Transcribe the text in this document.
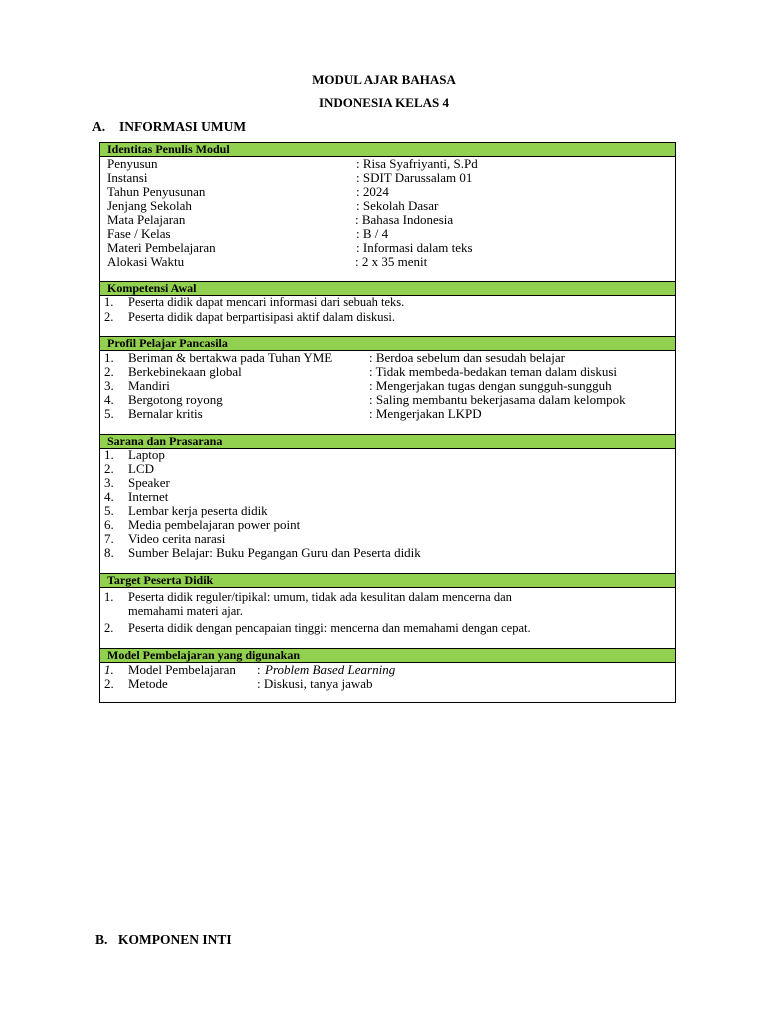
MODUL AJAR BAHASA
INDONESIA KELAS 4
A. INFORMASI UMUM
Identitas Penulis Modul
Penyusun	: Risa Syafriyanti, S.Pd
Instansi	: SDIT Darussalam 01
Tahun Penyusunan	: 2024
Jenjang Sekolah	: Sekolah Dasar
Mata Pelajaran	: Bahasa Indonesia
Fase / Kelas	: B / 4
Materi Pembelajaran	: Informasi dalam teks
Alokasi Waktu	: 2 x 35 menit
Kompetensi Awal
1. Peserta didik dapat mencari informasi dari sebuah teks.
2. Peserta didik dapat berpartisipasi aktif dalam diskusi.
Profil Pelajar Pancasila
1. Beriman & bertakwa pada Tuhan YME	: Berdoa sebelum dan sesudah belajar
2. Berkebinekaan global	: Tidak membeda-bedakan teman dalam diskusi
3. Mandiri	: Mengerjakan tugas dengan sungguh-sungguh
4. Bergotong royong	: Saling membantu bekerjasama dalam kelompok
5. Bernalar kritis	: Mengerjakan LKPD
Sarana dan Prasarana
1. Laptop
2. LCD
3. Speaker
4. Internet
5. Lembar kerja peserta didik
6. Media pembelajaran power point
7. Video cerita narasi
8. Sumber Belajar: Buku Pegangan Guru dan Peserta didik
Target Peserta Didik
1. Peserta didik reguler/tipikal: umum, tidak ada kesulitan dalam mencerna dan
memahami materi ajar.
2. Peserta didik dengan pencapaian tinggi: mencerna dan memahami dengan cepat.
Model Pembelajaran yang digunakan
1. Model Pembelajaran : Problem Based Learning
2. Metode	: Diskusi, tanya jawab
B. KOMPONEN INTI
